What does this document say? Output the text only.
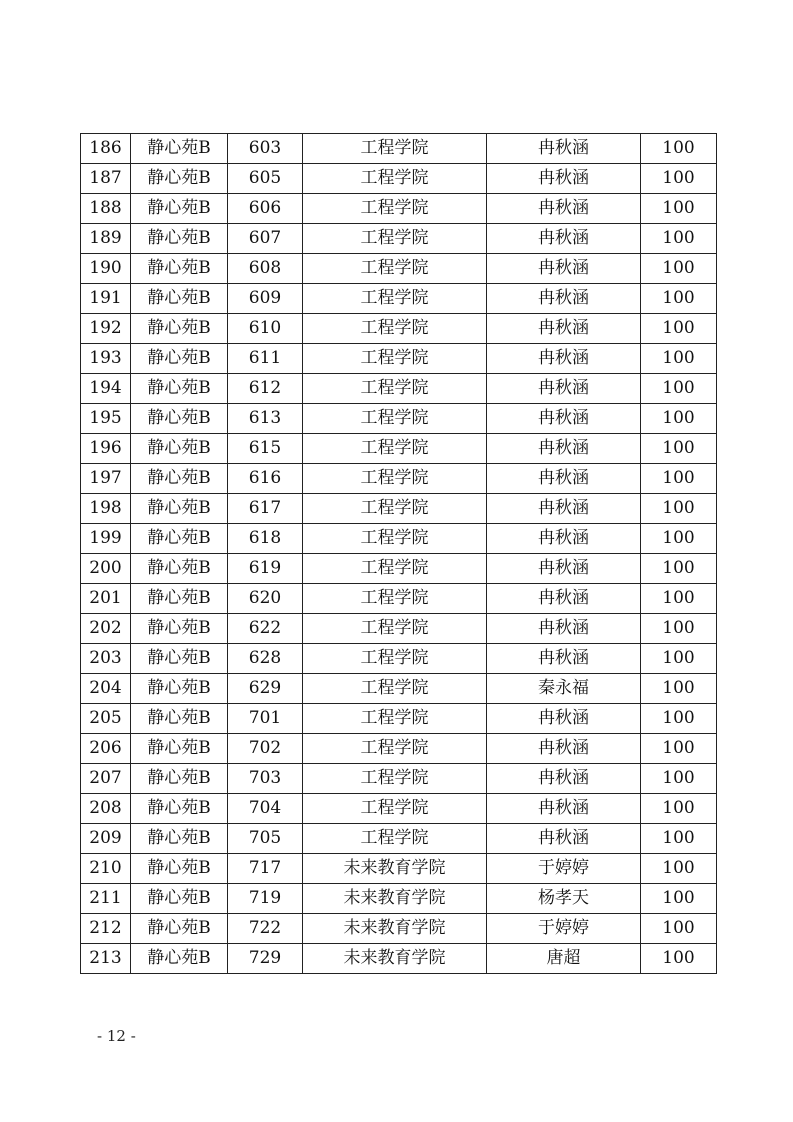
186	静心苑B	603	工程学院	冉秋涵	100
187	静心苑B	605	工程学院	冉秋涵	100
188	静心苑B	606	工程学院	冉秋涵	100
189	静心苑B	607	工程学院	冉秋涵	100
190	静心苑B	608	工程学院	冉秋涵	100
191	静心苑B	609	工程学院	冉秋涵	100
192	静心苑B	610	工程学院	冉秋涵	100
193	静心苑B	611	工程学院	冉秋涵	100
194	静心苑B	612	工程学院	冉秋涵	100
195	静心苑B	613	工程学院	冉秋涵	100
196	静心苑B	615	工程学院	冉秋涵	100
197	静心苑B	616	工程学院	冉秋涵	100
198	静心苑B	617	工程学院	冉秋涵	100
199	静心苑B	618	工程学院	冉秋涵	100
200	静心苑B	619	工程学院	冉秋涵	100
201	静心苑B	620	工程学院	冉秋涵	100
202	静心苑B	622	工程学院	冉秋涵	100
203	静心苑B	628	工程学院	冉秋涵	100
204	静心苑B	629	工程学院	秦永福	100
205	静心苑B	701	工程学院	冉秋涵	100
206	静心苑B	702	工程学院	冉秋涵	100
207	静心苑B	703	工程学院	冉秋涵	100
208	静心苑B	704	工程学院	冉秋涵	100
209	静心苑B	705	工程学院	冉秋涵	100
210	静心苑B	717	未来教育学院	于婷婷	100
211	静心苑B	719	未来教育学院	杨孝天	100
212	静心苑B	722	未来教育学院	于婷婷	100
213	静心苑B	729	未来教育学院	唐超	100
- 12 -
